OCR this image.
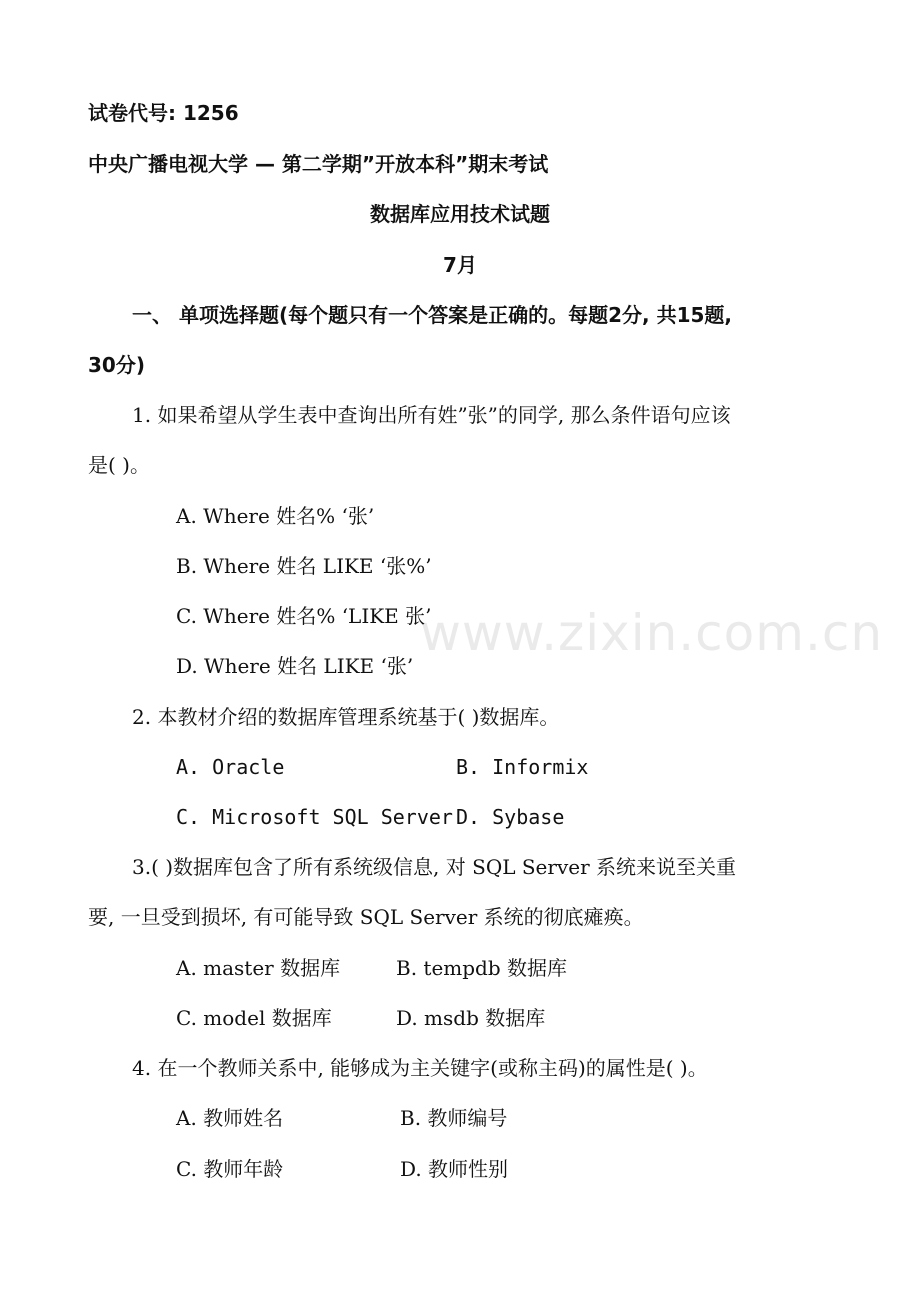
www.zixin.com.cn
试卷代号: 1256
中央广播电视大学 — 第二学期”开放本科”期末考试
数据库应用技术试题
7月
一、 单项选择题(每个题只有一个答案是正确的。每题2分, 共15题,
30分)
1. 如果希望从学生表中查询出所有姓”张”的同学, 那么条件语句应该
是( )。
A. Where 姓名% ‘张’
B. Where 姓名 LIKE ‘张%’
C. Where 姓名% ‘LIKE 张’
D. Where 姓名 LIKE ‘张’
2. 本教材介绍的数据库管理系统基于( )数据库。
A. Oracle	B. Informix
C. Microsoft SQL Server D. Sybase
3.( )数据库包含了所有系统级信息, 对 SQL Server 系统来说至关重
要, 一旦受到损坏, 有可能导致 SQL Server 系统的彻底瘫痪。
A. master 数据库	B. tempdb 数据库
C. model 数据库	D. msdb 数据库
4. 在一个教师关系中, 能够成为主关键字(或称主码)的属性是( )。
A. 教师姓名	B. 教师编号
C. 教师年龄	D. 教师性别
